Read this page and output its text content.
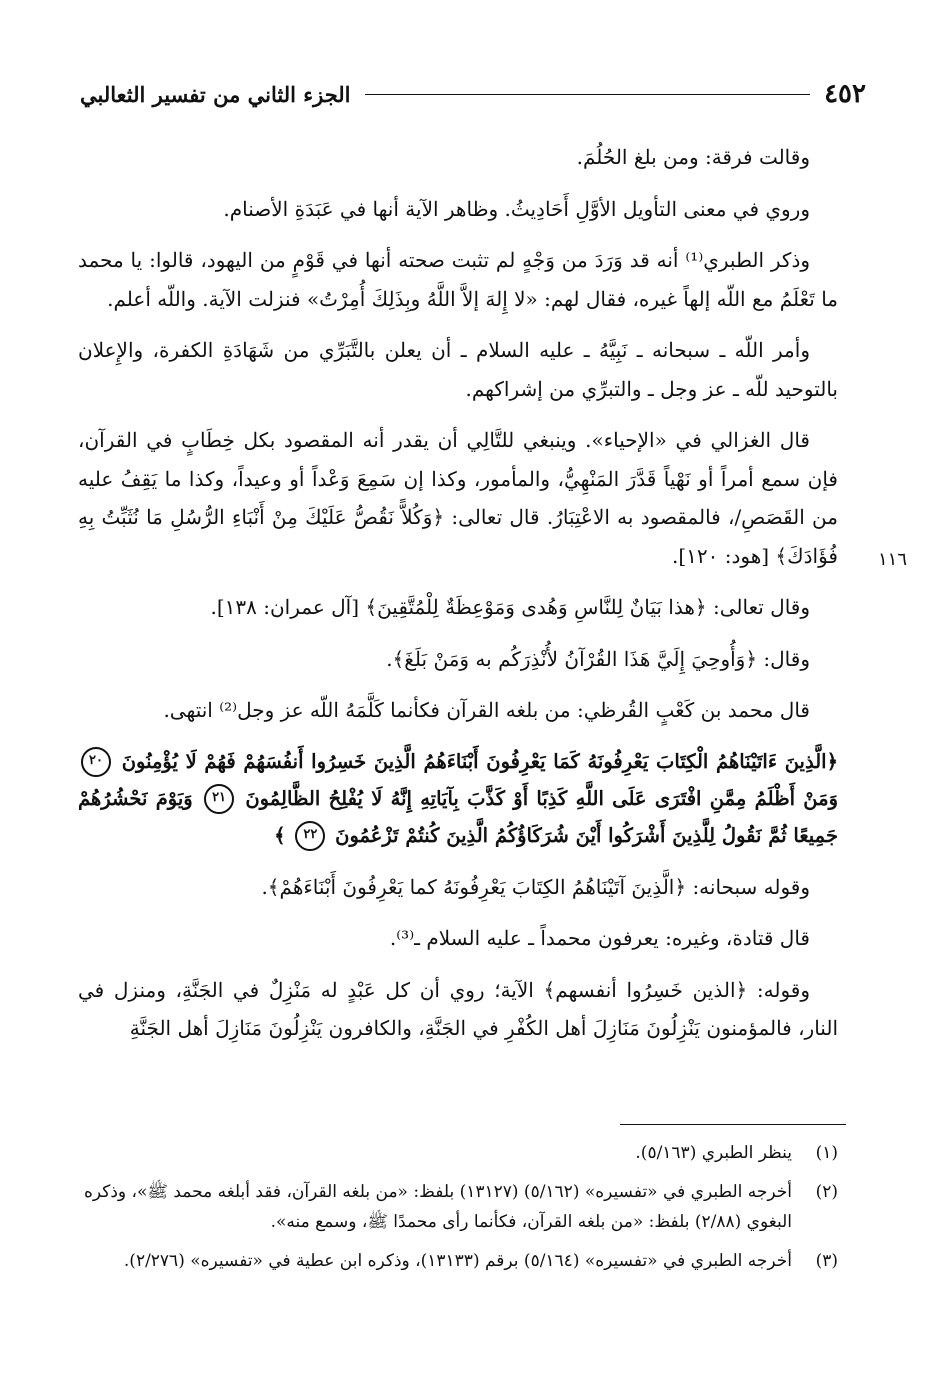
٤٥٢
الجزء الثاني من تفسير الثعالبي
١١٦

وقالت فرقة: ومن بلغ الحُلُمَ.

وروي في معنى التأويل الأوَّلِ أَحَادِيثُ. وظاهر الآية أنها في عَبَدَةِ الأصنام.

وذكر الطبري⁽¹⁾ أنه قد وَرَدَ من وَجْهٍ لم تثبت صحته أنها في قَوْمٍ من اليهود، قالوا: يا محمد ما تَعْلَمُ مع اللّه إلهاً غيره، فقال لهم: «لا إِلهَ إلاَّ اللَّهُ وبِذَلِكَ أُمِرْتُ» فنزلت الآية. واللّه أعلم.

وأمر اللّه ـ سبحانه ـ نَبِيَّهُ ـ عليه السلام ـ أن يعلن بالتَّبَرِّي من شَهَادَةِ الكفرة، والإِعلان بالتوحيد للّه ـ عز وجل ـ والتبرِّي من إشراكهم.

قال الغزالي في «الإحياء». وينبغي للتَّالِي أن يقدر أنه المقصود بكل خِطَابٍ في القرآن، فإن سمع أمراً أو نَهْياً قَدَّرَ المَنْهِيُّ، والمأمور، وكذا إن سَمِعَ وَعْداً أو وعيداً، وكذا ما يَقِفُ عليه من القَصَصِ/، فالمقصود به الاعْتِبَارُ. قال تعالى: ﴿وَكُلاًّ نَقُصُّ عَلَيْكَ مِنْ أَنْبَاءِ الرُّسُلِ مَا نُثَبِّتُ بِهِ فُؤَادَكَ﴾ [هود: ١٢٠].

وقال تعالى: ﴿هذا بَيَانٌ لِلنَّاسِ وَهُدى وَمَوْعِظَةٌ لِلْمُتَّقِينَ﴾ [آل عمران: ١٣٨].

وقال: ﴿وَأُوحِيَ إِلَيَّ هَذَا القُرْآنُ لأُنْذِرَكُم به وَمَنْ بَلَغَ﴾.

قال محمد بن كَعْبٍ القُرظي: من بلغه القرآن فكأنما كَلَّمَهُ اللّه عز وجل⁽²⁾ انتهى.

﴿الَّذِينَ ءَاتَيْنَاهُمُ الْكِتَابَ يَعْرِفُونَهُ كَمَا يَعْرِفُونَ أَبْنَاءَهُمُ الَّذِينَ خَسِرُوا أَنفُسَهُمْ فَهُمْ لَا يُؤْمِنُونَ ٢٠ وَمَنْ أَظْلَمُ مِمَّنِ افْتَرَى عَلَى اللَّهِ كَذِبًا أَوْ كَذَّبَ بِآيَاتِهِ إِنَّهُ لَا يُفْلِحُ الظَّالِمُونَ ٢١ وَيَوْمَ نَحْشُرُهُمْ جَمِيعًا ثُمَّ نَقُولُ لِلَّذِينَ أَشْرَكُوا أَيْنَ شُرَكَاؤُكُمُ الَّذِينَ كُنتُمْ تَزْعُمُونَ ٢٢ ﴾

وقوله سبحانه: ﴿الَّذِينَ آتَيْنَاهُمُ الكِتَابَ يَعْرِفُونَهُ كما يَعْرِفُونَ أَبْنَاءَهُمْ﴾.

قال قتادة، وغيره: يعرفون محمداً ـ عليه السلام ـ⁽³⁾.

وقوله: ﴿الذين خَسِرُوا أنفسهم﴾ الآية؛ روي أن كل عَبْدٍ له مَنْزِلٌ في الجَنَّةِ، ومنزل في النار، فالمؤمنون يَنْزِلُونَ مَنَازِلَ أهل الكُفْرِ في الجَنَّةِ، والكافرون يَنْزِلُونَ مَنَازِلَ أهل الجَنَّةِ

(١)
ينظر الطبري (٥/١٦٣).
(٢)
أخرجه الطبري في «تفسيره» (٥/١٦٢) (١٣١٢٧) بلفظ: «من بلغه القرآن، فقد أبلغه محمد ﷺ»، وذكره البغوي (٢/٨٨) بلفظ: «من بلغه القرآن، فكأنما رأى محمدًا ﷺ، وسمع منه».
(٣)
أخرجه الطبري في «تفسيره» (٥/١٦٤) برقم (١٣١٣٣)، وذكره ابن عطية في «تفسيره» (٢/٢٧٦).
